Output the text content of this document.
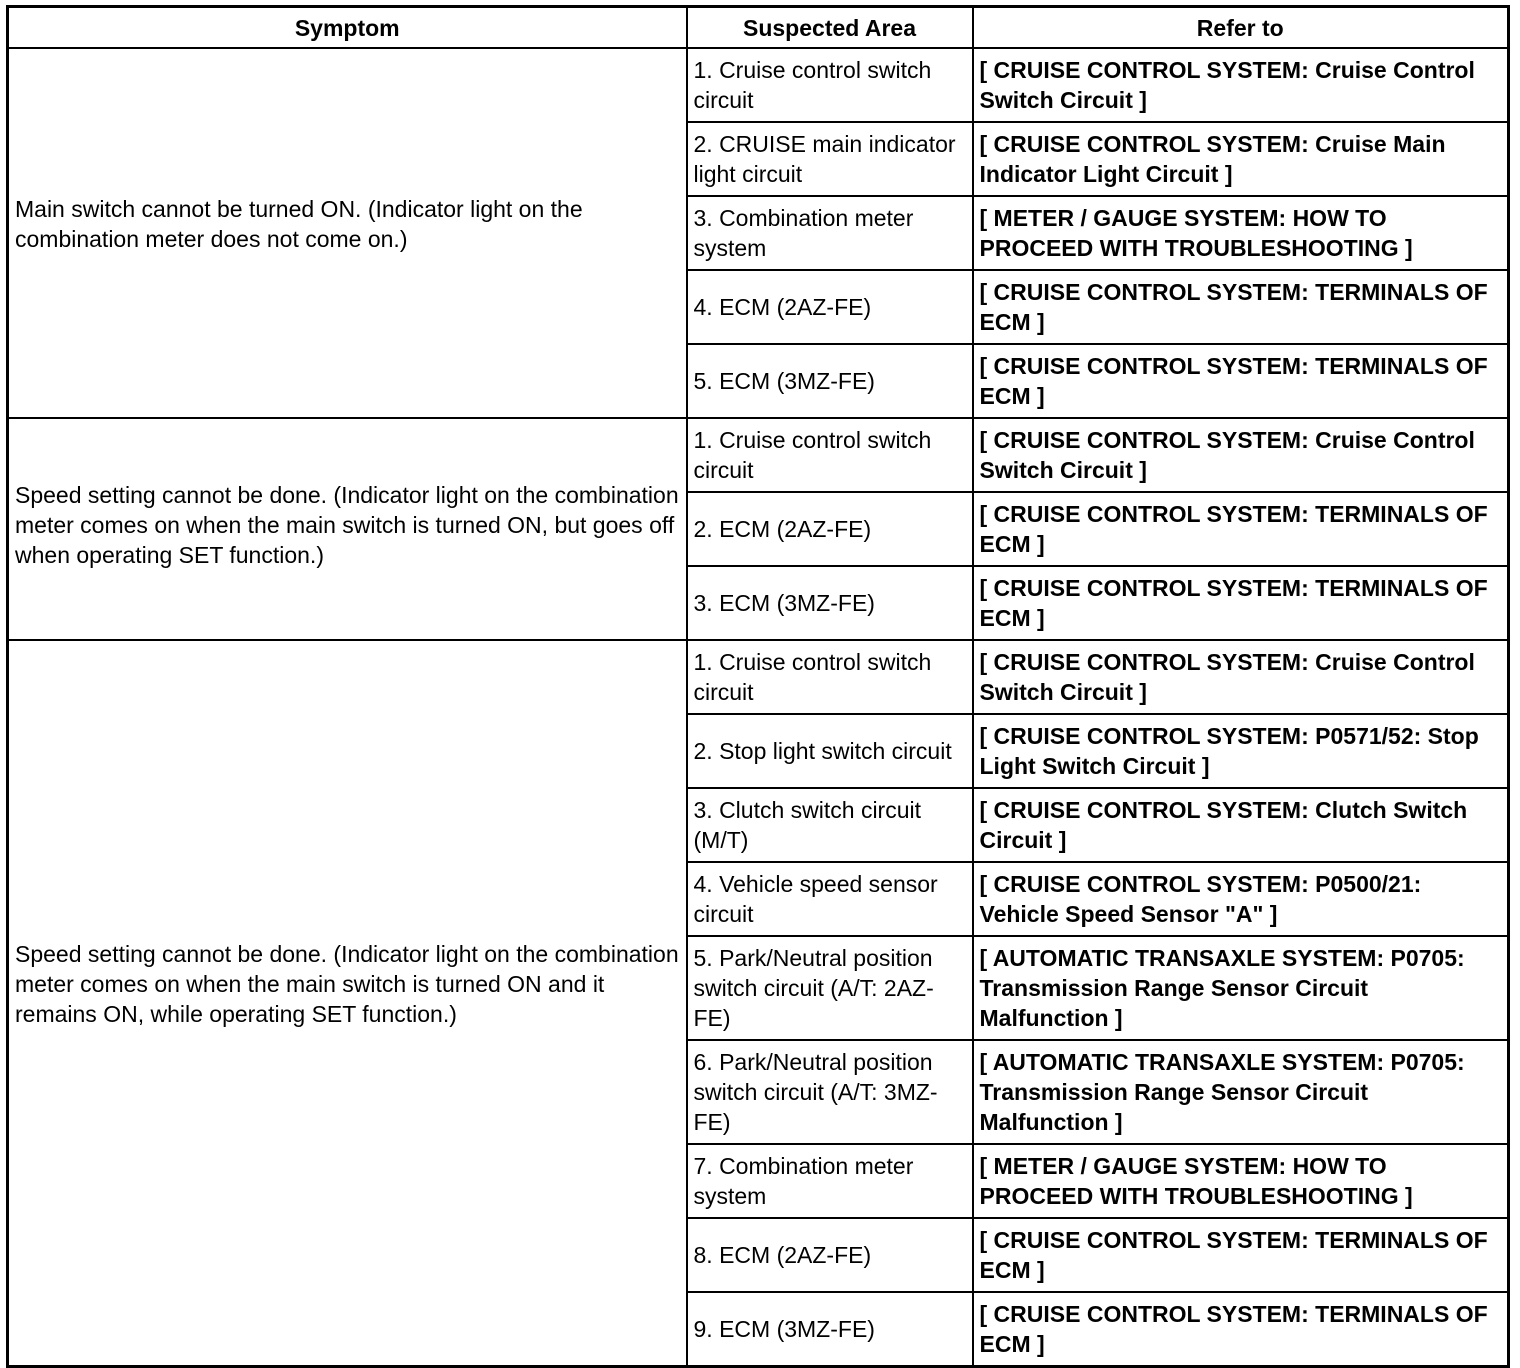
Symptom	Suspected Area	Refer to

Main switch cannot be turned ON. (Indicator light on the combination meter does not come on.)	1. Cruise control switch circuit	[ CRUISE CONTROL SYSTEM: Cruise Control Switch Circuit ]
	2. CRUISE main indicator light circuit	[ CRUISE CONTROL SYSTEM: Cruise Main Indicator Light Circuit ]
	3. Combination meter system	[ METER / GAUGE SYSTEM: HOW TO PROCEED WITH TROUBLESHOOTING ]
	4. ECM (2AZ-FE)	[ CRUISE CONTROL SYSTEM: TERMINALS OF ECM ]
	5. ECM (3MZ-FE)	[ CRUISE CONTROL SYSTEM: TERMINALS OF ECM ]

Speed setting cannot be done. (Indicator light on the combination meter comes on when the main switch is turned ON, but goes off when operating SET function.)	1. Cruise control switch circuit	[ CRUISE CONTROL SYSTEM: Cruise Control Switch Circuit ]
	2. ECM (2AZ-FE)	[ CRUISE CONTROL SYSTEM: TERMINALS OF ECM ]
	3. ECM (3MZ-FE)	[ CRUISE CONTROL SYSTEM: TERMINALS OF ECM ]

Speed setting cannot be done. (Indicator light on the combination meter comes on when the main switch is turned ON and it remains ON, while operating SET function.)	1. Cruise control switch circuit	[ CRUISE CONTROL SYSTEM: Cruise Control Switch Circuit ]
	2. Stop light switch circuit	[ CRUISE CONTROL SYSTEM: P0571/52: Stop Light Switch Circuit ]
	3. Clutch switch circuit (M/T)	[ CRUISE CONTROL SYSTEM: Clutch Switch Circuit ]
	4. Vehicle speed sensor circuit	[ CRUISE CONTROL SYSTEM: P0500/21: Vehicle Speed Sensor "A" ]
	5. Park/Neutral position switch circuit (A/T: 2AZ-FE)	[ AUTOMATIC TRANSAXLE SYSTEM: P0705: Transmission Range Sensor Circuit Malfunction ]
	6. Park/Neutral position switch circuit (A/T: 3MZ-FE)	[ AUTOMATIC TRANSAXLE SYSTEM: P0705: Transmission Range Sensor Circuit Malfunction ]
	7. Combination meter system	[ METER / GAUGE SYSTEM: HOW TO PROCEED WITH TROUBLESHOOTING ]
	8. ECM (2AZ-FE)	[ CRUISE CONTROL SYSTEM: TERMINALS OF ECM ]
	9. ECM (3MZ-FE)	[ CRUISE CONTROL SYSTEM: TERMINALS OF ECM ]
